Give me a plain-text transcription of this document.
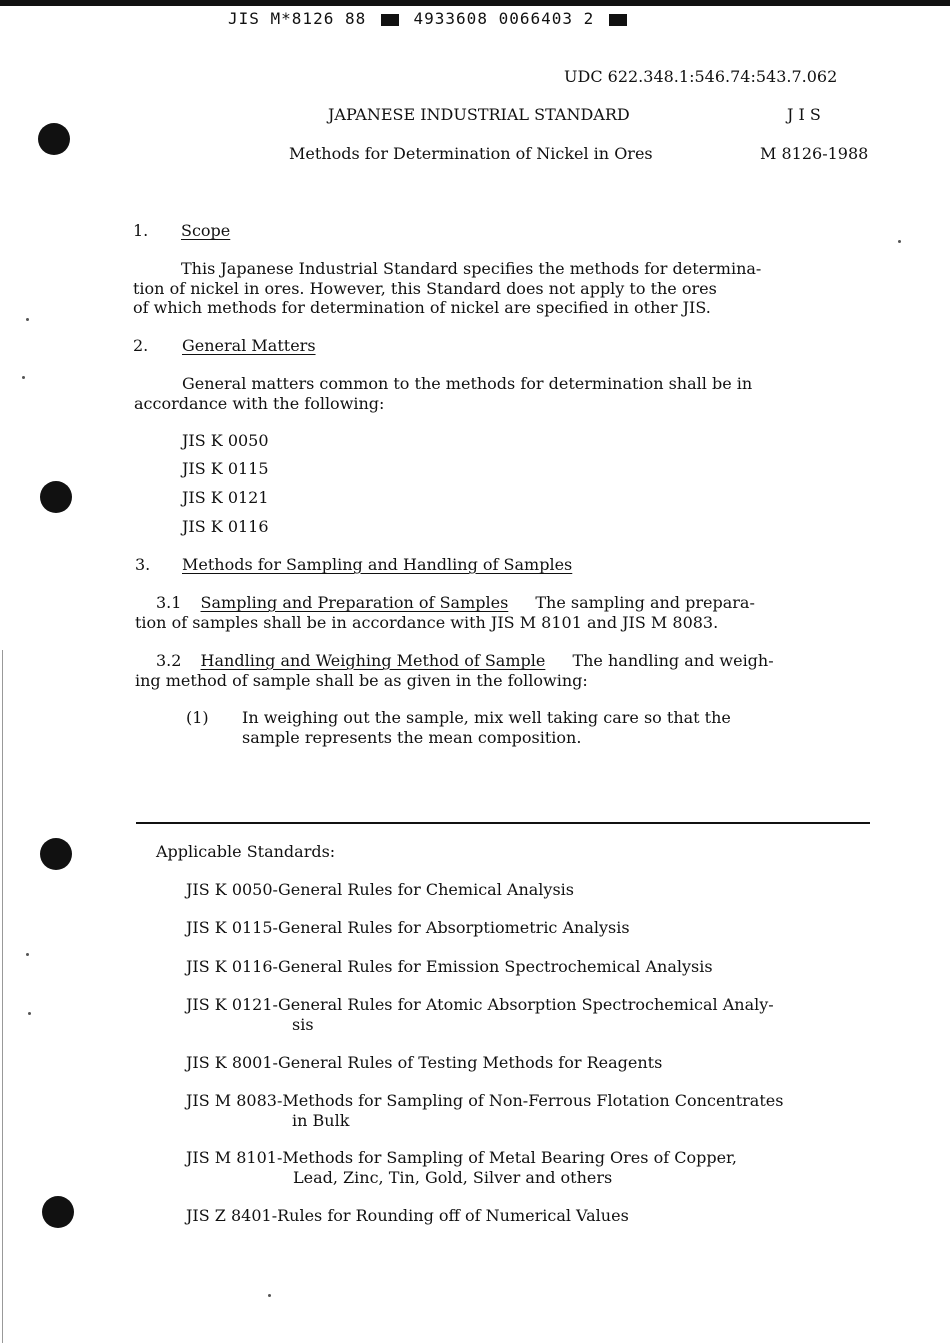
JIS M*8126 88	4933608 0066403 2
UDC 622.348.1:546.74:543.7.062
JAPANESE INDUSTRIAL STANDARD	J I S
Methods for Determination of Nickel in Ores	M 8126-1988
1. Scope
This Japanese Industrial Standard specifies the methods for determina-
tion of nickel in ores. However, this Standard does not apply to the ores
of which methods for determination of nickel are specified in other JIS.
2. General Matters
General matters common to the methods for determination shall be in
accordance with the following:
JIS K 0050
JIS K 0115
JIS K 0121
JIS K 0116
3. Methods for Sampling and Handling of Samples
3.1 Sampling and Preparation of Samples The sampling and prepara-
tion of samples shall be in accordance with JIS M 8101 and JIS M 8083.
3.2 Handling and Weighing Method of Sample The handling and weigh-
ing method of sample shall be as given in the following:
(1) In weighing out the sample, mix well taking care so that the
sample represents the mean composition.
Applicable Standards:
JIS K 0050-General Rules for Chemical Analysis
JIS K 0115-General Rules for Absorptiometric Analysis
JIS K 0116-General Rules for Emission Spectrochemical Analysis
JIS K 0121-General Rules for Atomic Absorption Spectrochemical Analy-
sis
JIS K 8001-General Rules of Testing Methods for Reagents
JIS M 8083-Methods for Sampling of Non-Ferrous Flotation Concentrates
in Bulk
JIS M 8101-Methods for Sampling of Metal Bearing Ores of Copper,
Lead, Zinc, Tin, Gold, Silver and others
JIS Z 8401-Rules for Rounding off of Numerical Values
